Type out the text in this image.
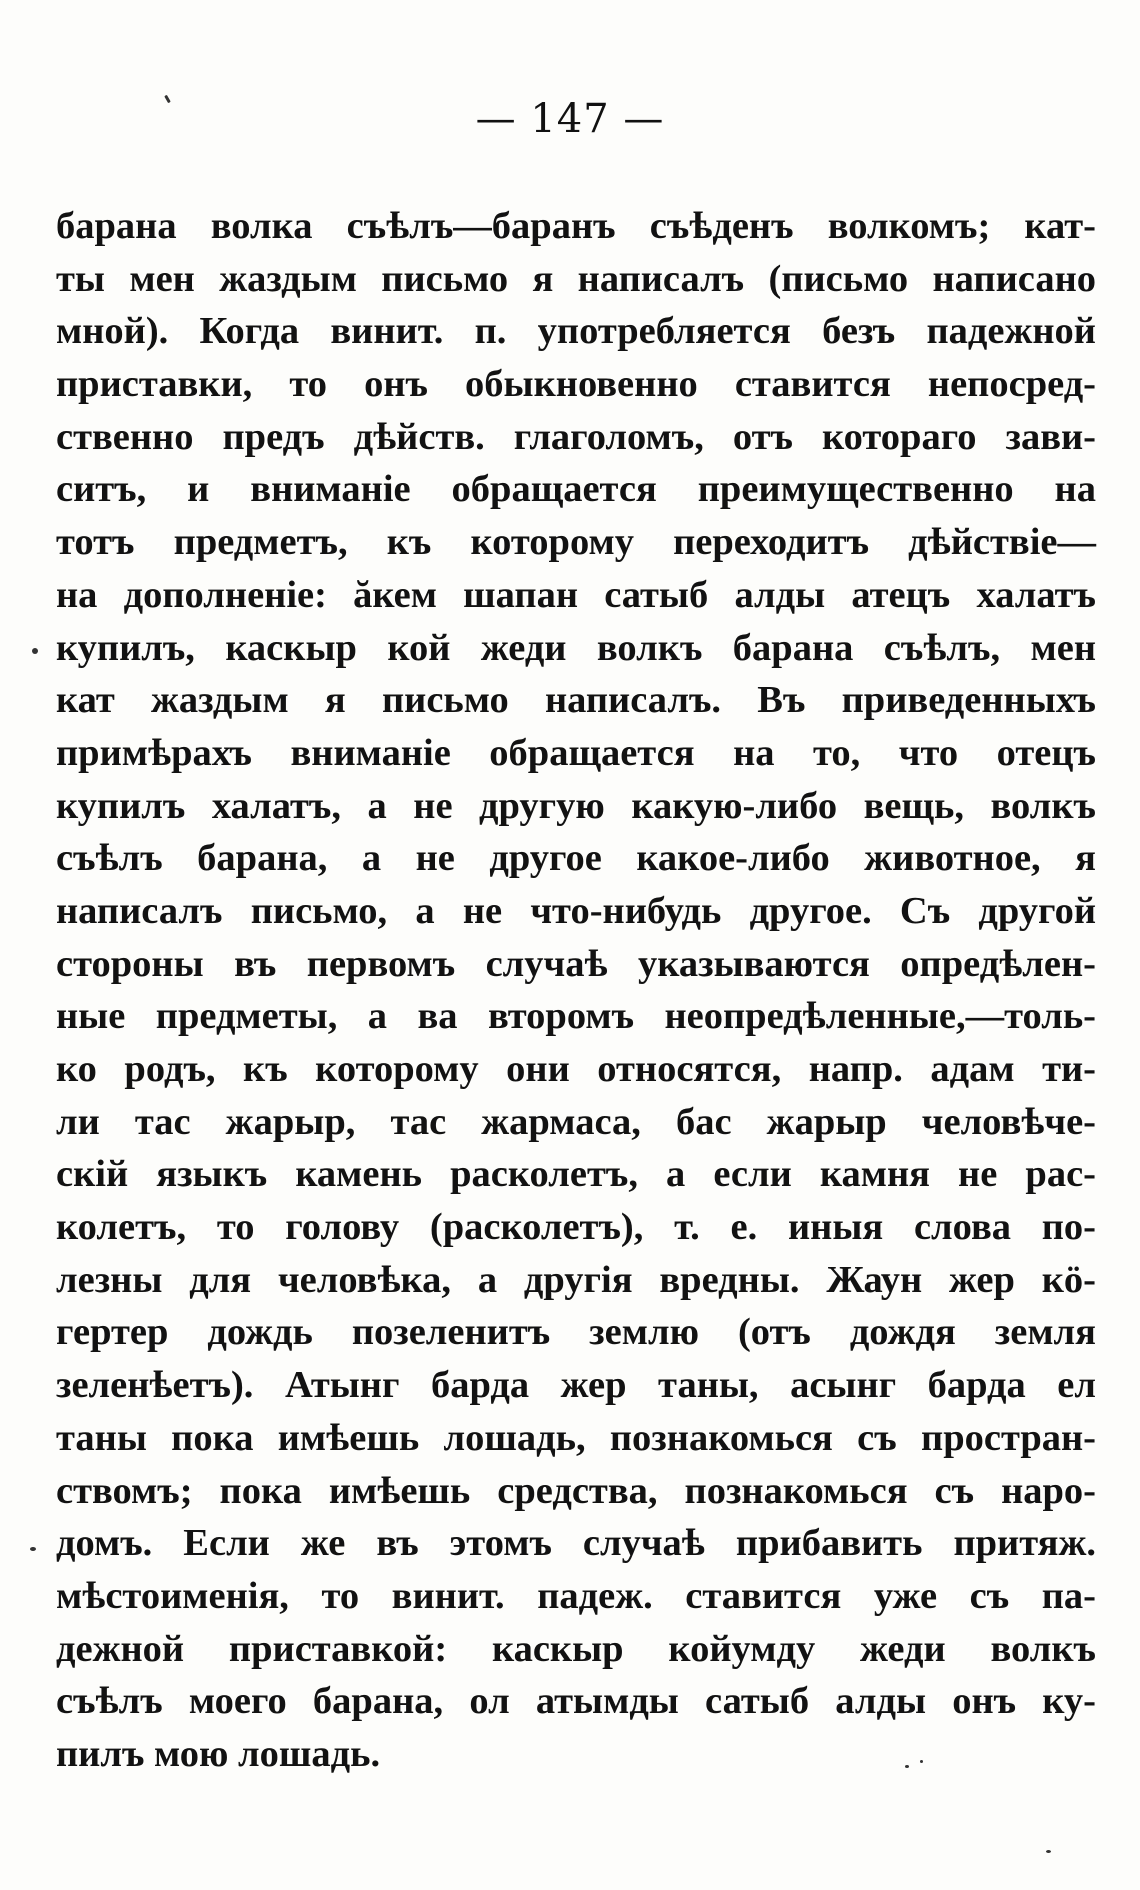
— 147 —
барана волка съѣлъ—баранъ съѣденъ волкомъ; кат-
ты мен жаздым письмо я написалъ (письмо написано
мной). Когда винит. п. употребляется безъ падежной
приставки, то онъ обыкновенно ставится непосред-
ственно предъ дѣйств. глаголомъ, отъ котораго зави-
ситъ, и вниманіе обращается преимущественно на
тотъ предметъ, къ которому переходитъ дѣйствіе—
на дополненіе: ăкем шапан сатыб алды атецъ халатъ
купилъ, каскыр кой жеди волкъ барана съѣлъ, мен
кат жаздым я письмо написалъ. Въ приведенныхъ
примѣрахъ вниманіе обращается на то, что отецъ
купилъ халатъ, а не другую какую-либо вещь, волкъ
съѣлъ барана, а не другое какое-либо животное, я
написалъ письмо, а не что-нибудь другое. Съ другой
стороны въ первомъ случаѣ указываются опредѣлен-
ные предметы, а ва второмъ неопредѣленные,—толь-
ко родъ, къ которому они относятся, напр. адам ти-
ли тас жарыр, тас жармаса, бас жарыр человѣче-
скій языкъ камень расколетъ, а если камня не рас-
колетъ, то голову (расколетъ), т. е. иныя слова по-
лезны для человѣка, а другія вредны. Жаун жер кö-
гертер дождь позеленитъ землю (отъ дождя земля
зеленѣетъ). Атынг барда жер таны, асынг барда ел
таны пока имѣешь лошадь, познакомься съ простран-
ствомъ; пока имѣешь средства, познакомься съ наро-
домъ. Если же въ этомъ случаѣ прибавить притяж.
мѣстоименія, то винит. падеж. ставится уже съ па-
дежной приставкой: каскыр койумду жеди волкъ
съѣлъ моего барана, ол атымды сатыб алды онъ ку-
пилъ мою лошадь.
